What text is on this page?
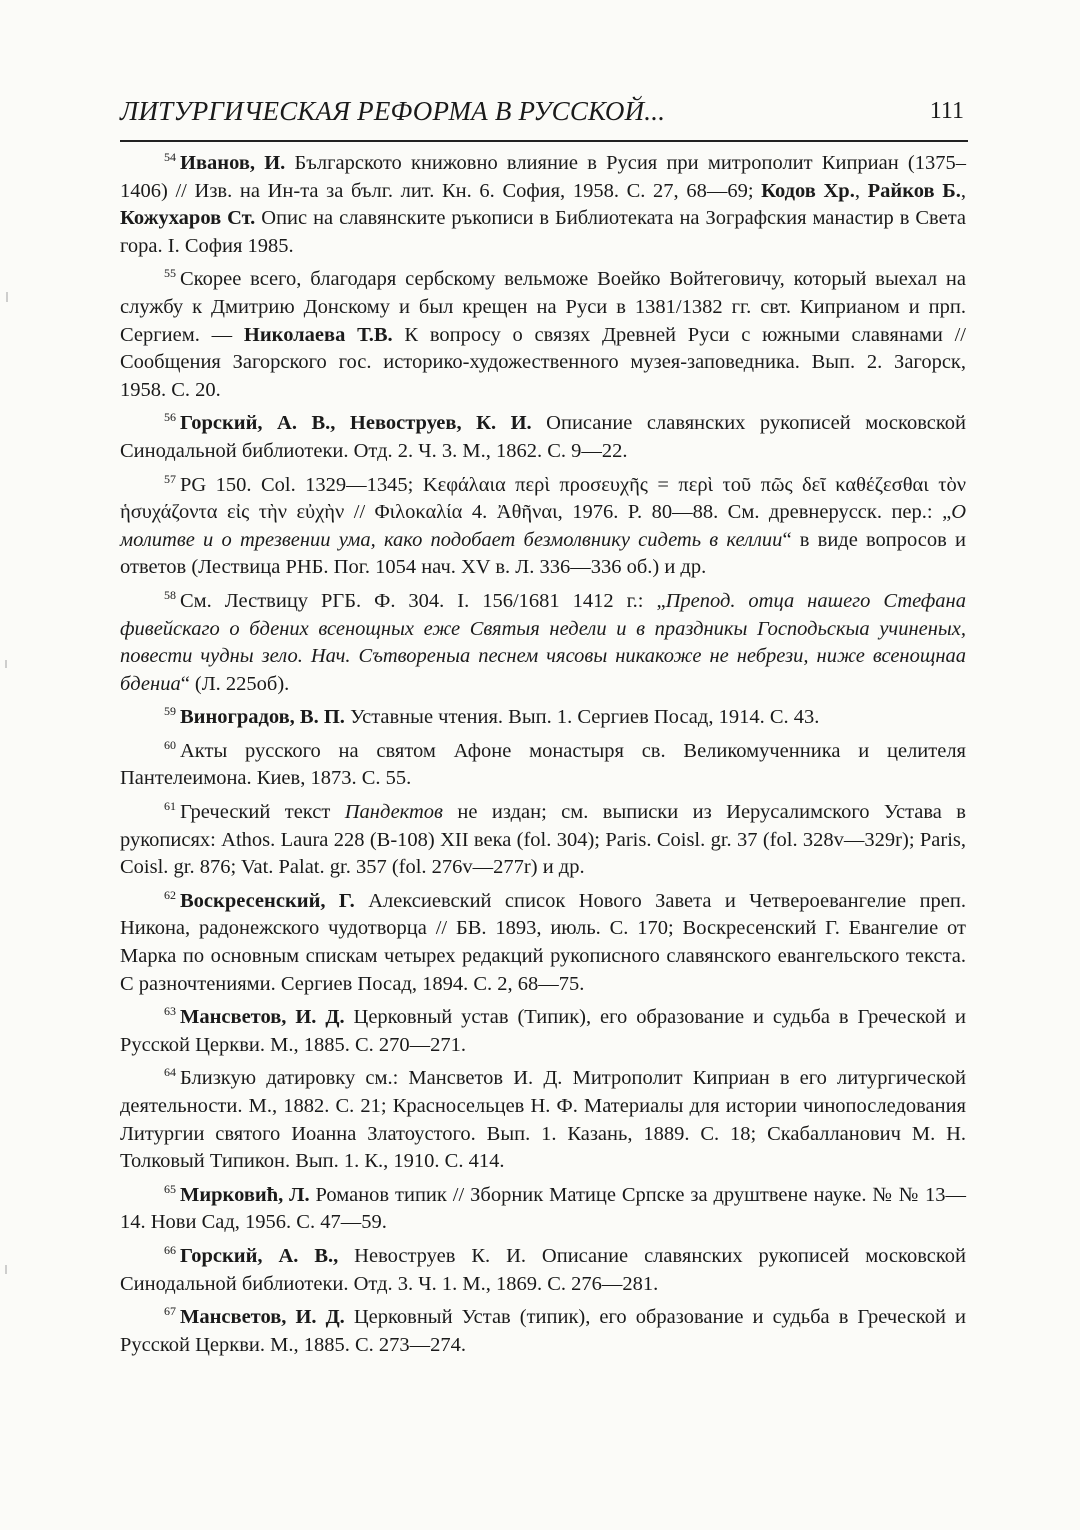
ЛИТУРГИЧЕСКАЯ РЕФОРМА В РУССКОЙ...	111

$^{54}$ Иванов, И. Българското книжовно влияние в Русия при митрополит Киприан (1375–1406) // Изв. на Ин-та за бълг. лит. Кн. 6. София, 1958. С. 27, 68—69; Кодов Хр., Райков Б., Кожухаров Ст. Опис на славянските ръкописи в Библиотеката на Зографския манастир в Света гора. I. София 1985.

$^{55}$ Скорее всего, благодаря сербскому вельможе Воейко Войтеговичу, который выехал на службу к Дмитрию Донскому и был крещен на Руси в 1381/1382 гг. свт. Киприаном и прп. Сергием. — Николаева Т.В. К вопросу о связях Древней Руси с южными славянами // Сообщения Загорского гос. историко-художественного музея-заповедника. Вып. 2. Загорск, 1958. С. 20.

$^{56}$ Горский, А. В., Невоструев, К. И. Описание славянских рукописей московской Синодальной библиотеки. Отд. 2. Ч. 3. М., 1862. С. 9—22.

$^{57}$ PG 150. Col. 1329—1345; Κεφάλαια περὶ προσευχῆς = περὶ τοῦ πῶς δεῖ καθέζεσθαι τὸν ἡσυχάζοντα εἰς τὴν εὐχὴν // Φιλοκαλία 4. Ἀθῆναι, 1976. P. 80—88. См. древнерусск. пер.: „О молитве и о трезвении ума, како подобает безмолвнику сидеть в келлии“ в виде вопросов и ответов (Лествица РНБ. Пог. 1054 нач. XV в. Л. 336—336 об.) и др.

$^{58}$ См. Лествицу РГБ. Ф. 304. I. 156/1681 1412 г.: „Препод. отца нашего Стефана фивейскаго о бдених всенощных еже Святыя недели и в праздникы Господьскыа учиненых, повести чудны зело. Нач. Сътвореныа песнем чясовы никакоже не небрези, ниже всенощнаа бдениа“ (Л. 225об).

$^{59}$ Виноградов, В. П. Уставные чтения. Вып. 1. Сергиев Посад, 1914. С. 43.

$^{60}$ Акты русского на святом Афоне монастыря св. Великомученника и целителя Пантелеимона. Киев, 1873. С. 55.

$^{61}$ Греческий текст Пандектов не издан; см. выписки из Иерусалимского Устава в рукописях: Athos. Laura 228 (B-108) XII века (fol. 304); Paris. Coisl. gr. 37 (fol. 328v—329r); Paris, Coisl. gr. 876; Vat. Palat. gr. 357 (fol. 276v—277r) и др.

$^{62}$ Воскресенский, Г. Алексиевский список Нового Завета и Четвероевангелие преп. Никона, радонежского чудотворца // БВ. 1893, июль. С. 170; Воскресенский Г. Евангелие от Марка по основным спискам четырех редакций рукописного славянского евангельского текста. С разночтениями. Сергиев Посад, 1894. С. 2, 68—75.

$^{63}$ Мансветов, И. Д. Церковный устав (Типик), его образование и судьба в Греческой и Русской Церкви. М., 1885. С. 270—271.

$^{64}$ Близкую датировку см.: Мансветов И. Д. Митрополит Киприан в его литургической деятельности. М., 1882. С. 21; Красносельцев Н. Ф. Материалы для истории чинопоследования Литургии святого Иоанна Златоустого. Вып. 1. Казань, 1889. С. 18; Скабалланович М. Н. Толковый Типикон. Вып. 1. К., 1910. С. 414.

$^{65}$ Мирковић, Л. Романов типик // Зборник Матице Српске за друштвене науке. № № 13—14. Нови Сад, 1956. С. 47—59.

$^{66}$ Горский, А. В., Невоструев К. И. Описание славянских рукописей московской Синодальной библиотеки. Отд. 3. Ч. 1. М., 1869. С. 276—281.

$^{67}$ Мансветов, И. Д. Церковный Устав (типик), его образование и судьба в Греческой и Русской Церкви. М., 1885. С. 273—274.
